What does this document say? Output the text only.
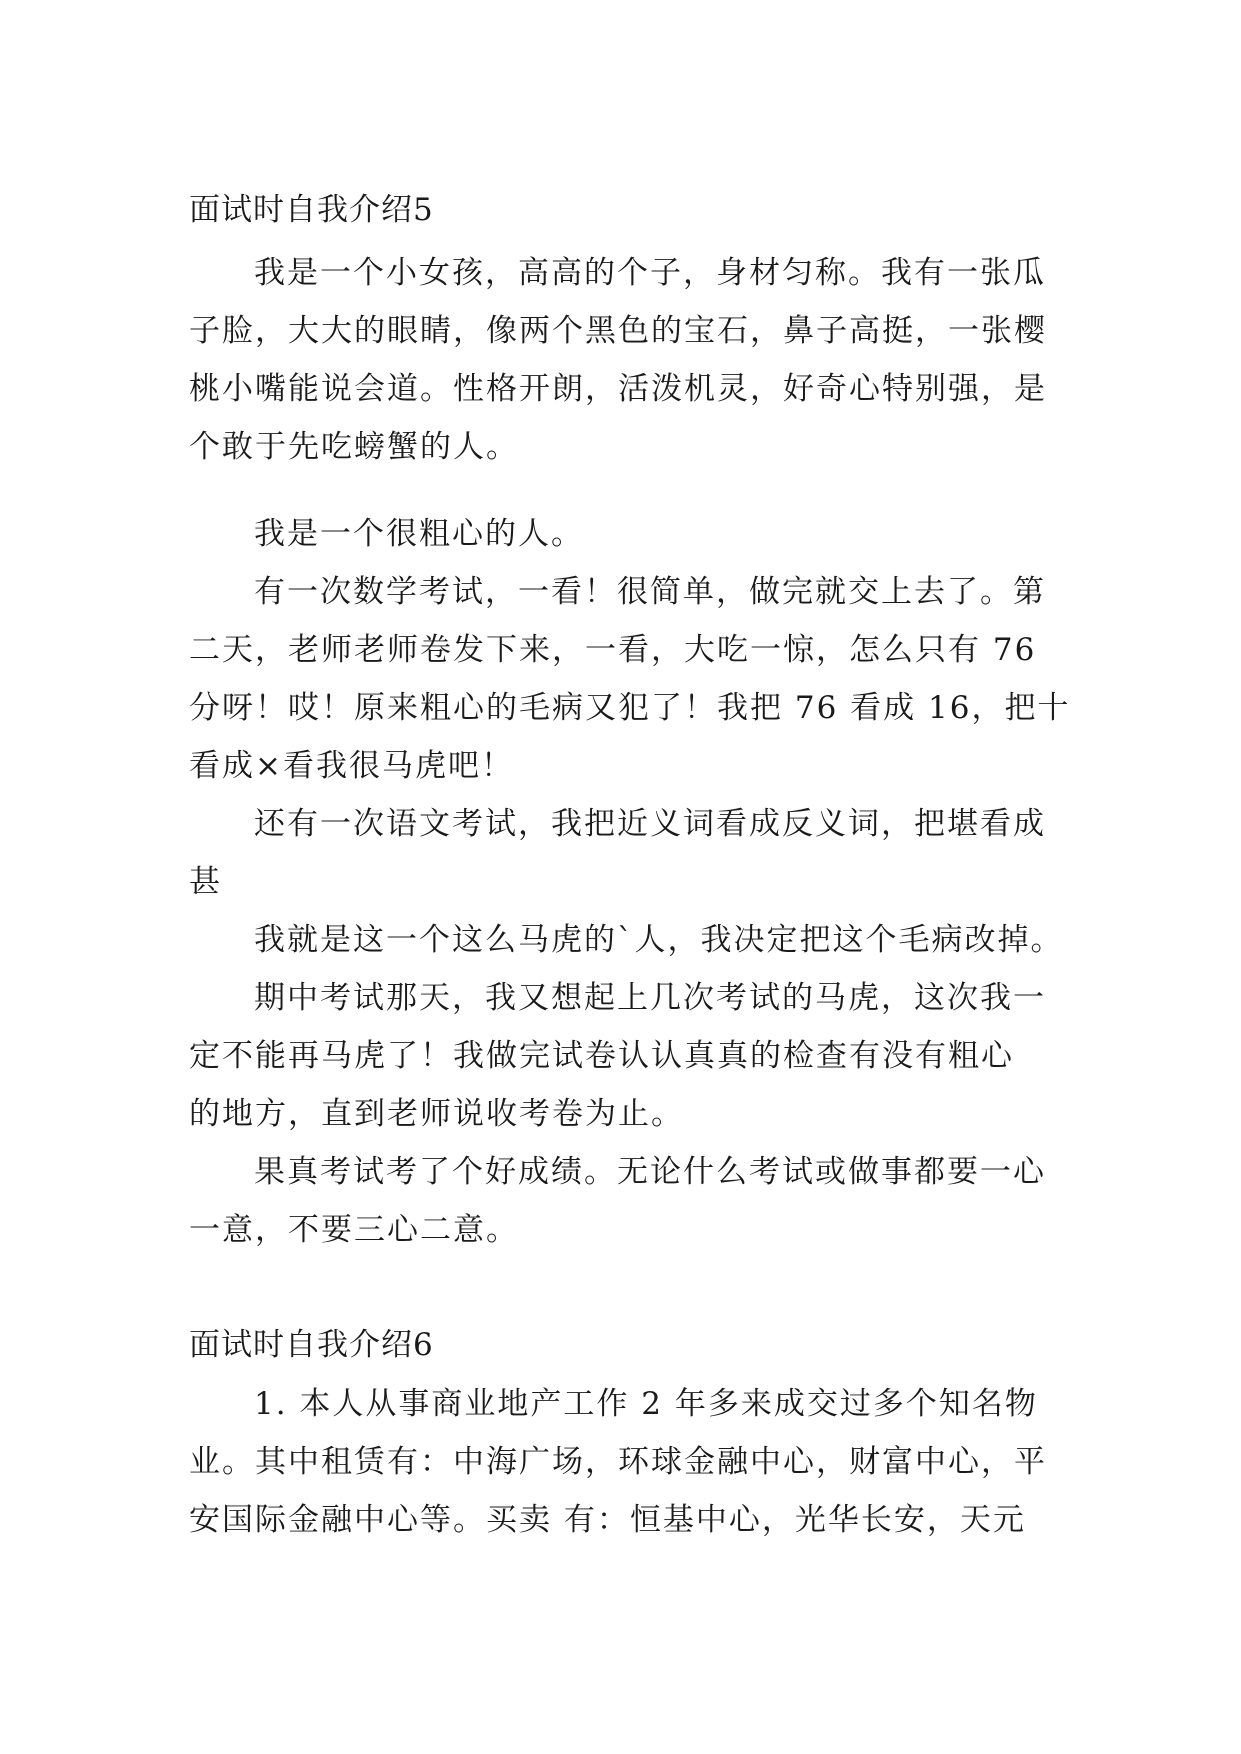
面试时自我介绍5
我是一个小女孩，高高的个子，身材匀称。我有一张瓜
子脸，大大的眼睛，像两个黑色的宝石，鼻子高挺，一张樱
桃小嘴能说会道。性格开朗，活泼机灵，好奇心特别强，是
个敢于先吃螃蟹的人。
我是一个很粗心的人。
有一次数学考试，一看！很简单，做完就交上去了。第
二天，老师老师卷发下来，一看，大吃一惊，怎么只有 76
分呀！哎！原来粗心的毛病又犯了！我把 76 看成 16，把十
看成×看我很马虎吧！
还有一次语文考试，我把近义词看成反义词，把堪看成
甚
我就是这一个这么马虎的`人，我决定把这个毛病改掉。
期中考试那天，我又想起上几次考试的马虎，这次我一
定不能再马虎了！我做完试卷认认真真的检查有没有粗心
的地方，直到老师说收考卷为止。
果真考试考了个好成绩。无论什么考试或做事都要一心
一意，不要三心二意。
面试时自我介绍6
1. 本人从事商业地产工作 2 年多来成交过多个知名物
业。其中租赁有：中海广场，环球金融中心，财富中心，平
安国际金融中心等。买卖 有：恒基中心，光华长安，天元
